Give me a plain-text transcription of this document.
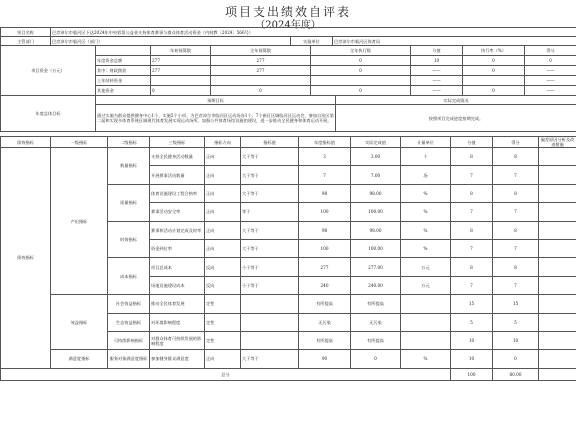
项目支出绩效自评表
（2024年度）
项目名称	巴彦淖尔市临河区下达2024年中央彩票公益金支持体育赛事与群众体育活动资金（内财教〔2024〕566号）		
主管部门	巴彦淖尔市临河区（部门）	实施单位	巴彦淖尔市临河区体育局
项目资金（万元）		年初预算数	全年预算数	全年执行数	分值	执行率（%）	得分
	年度资金总额	277	277	0	10	0	0
	其中：财政拨款	277	277	0	——	0	——
	上年结转资金				——		——
	其他资金	0	0	0	——	0	——
年度总体目标	预期目标	实际完成情况
	通过实施为群众提供健身中心1个、实施5个小项、为巴彦淖尔市临河区运动场各1个；7个新区区域临河区运动会，参加自治区第二届和实现多体育系统区域现代体育发展实现运动场所。加强公共体育场馆设施的建设，进一步推动全民健身和体育运动开展。	按照项目完成进度按期完成。
绩效指标	一级指标	二级指标	三级指标	指标方向	指标值	年度指标值	实际完成值	计量单位	分值	得分	偏差原因分析及改进措施
绩效指标	产出指标	数量指标	支持全民健身活动数量	正向	大于等于	3	3.00	个	8	8	
			开展赛事活动数量	正向	大于等于	7	7.00	场	7	7	
		质量指标	体育设施建设工程合格率	正向	大于等于	98	98.00	%	8	8	
			赛事活动安全率	正向	等于	100	100.00	%	7	7	
		时效指标	赛事和活动计划完成及时率	正向	大于等于	98	98.00	%	8	8	
			资金到位率	正向	大于等于	100	100.00	%	7	7	
		成本指标	项目总成本	反向	小于等于	277	277.00	万元	8	8	
			场地设施建设成本	反向	小于等于	240	240.00	万元	7	7	
	效益指标	社会效益指标	推动全民体育发展	定性		有所提高	有所提高		15	15	
		生态效益指标	对环境影响程度	定性		无污染	无污染		5	5	
		可持续影响指标	对群众体育可持续发展的影响程度	定性		有所提高	有所提高		10	10	
	满意度指标	服务对象满意度指标	参加健身群众满意度	正向	大于等于	90	0	%	10	0	
总分									100	80.00	
